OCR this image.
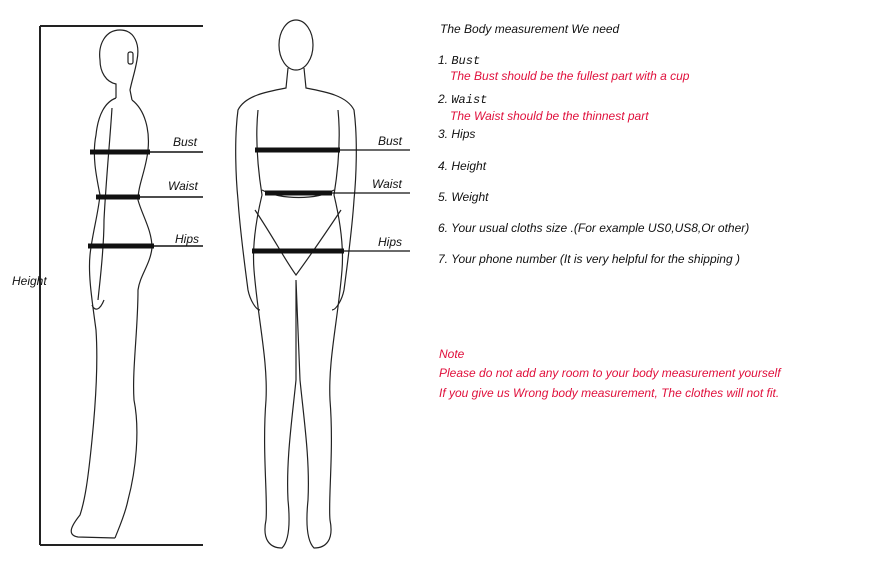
Bust
Waist
Hips
Height
Bust
Waist
Hips
The Body measurement We need
1. Bust
The Bust should be the fullest part with a cup
2. Waist
The Waist should be the thinnest part
3. Hips
4. Height
5. Weight
6. Your usual cloths size .(For example US0,US8,Or other)
7. Your phone number (It is very helpful for the shipping )
Note
Please do not add any room to your body measurement yourself
If you give us Wrong body measurement, The clothes will not fit.
